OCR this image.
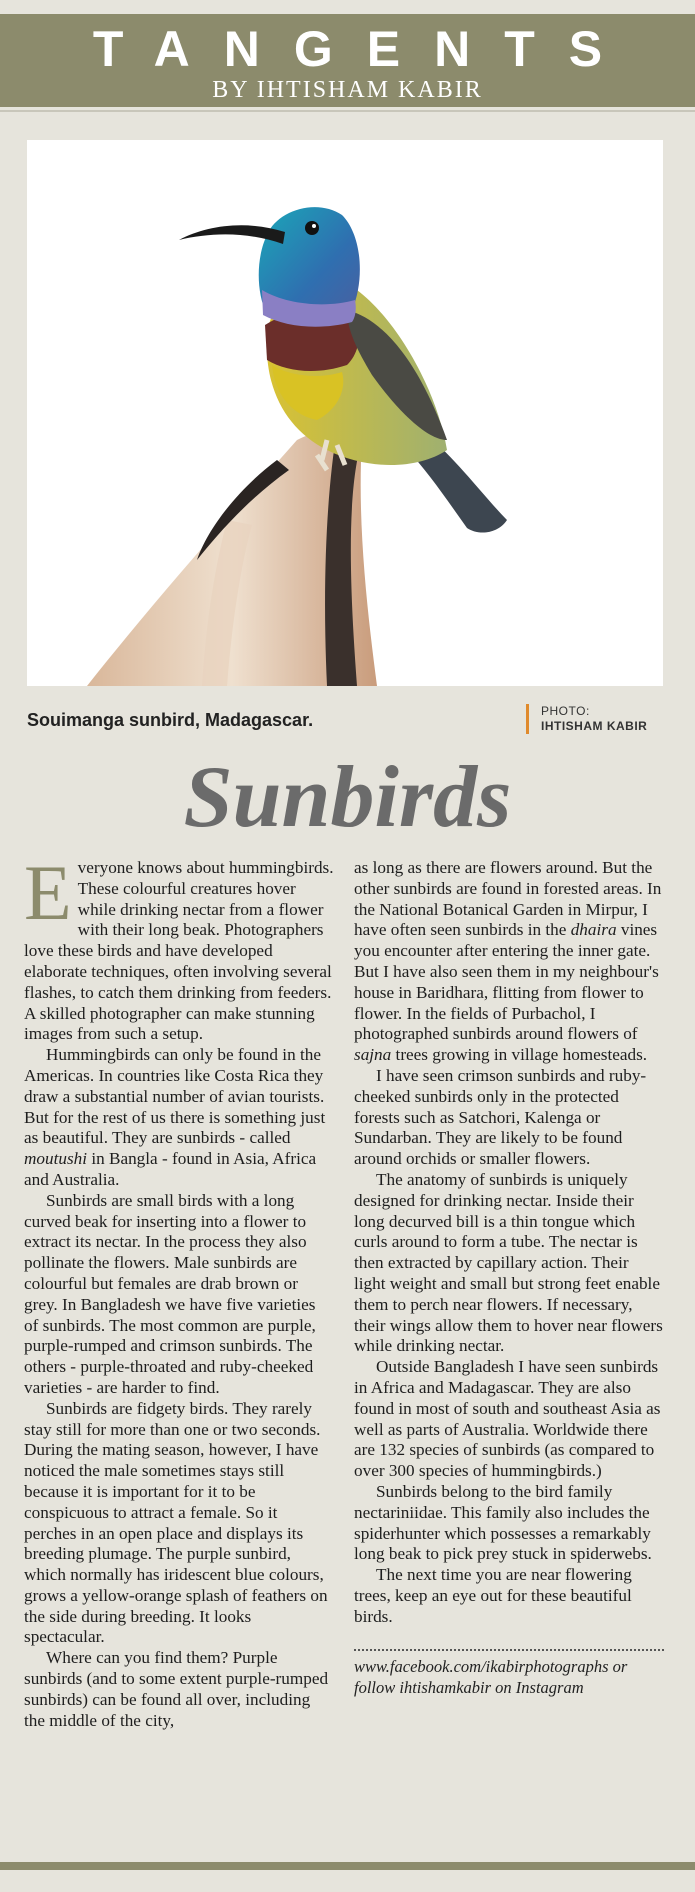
TANGENTS
BY IHTISHAM KABIR
Souimanga sunbird, Madagascar.	PHOTO:
IHTISHAM KABIR
Sunbirds

Everyone knows about hummingbirds. These colourful creatures hover while drinking nectar from a flower with their long beak. Photographers love these birds and have developed elaborate techniques, often involving several flashes, to catch them drinking from feeders. A skilled photographer can make stunning images from such a setup.

Hummingbirds can only be found in the Americas. In countries like Costa Rica they draw a substantial number of avian tourists. But for the rest of us there is something just as beautiful. They are sunbirds - called moutushi in Bangla - found in Asia, Africa and Australia.

Sunbirds are small birds with a long curved beak for inserting into a flower to extract its nectar. In the process they also pollinate the flowers. Male sunbirds are colourful but females are drab brown or grey. In Bangladesh we have five varieties of sunbirds. The most common are purple, purple-rumped and crimson sunbirds. The others - purple-throated and ruby-cheeked varieties - are harder to find.

Sunbirds are fidgety birds. They rarely stay still for more than one or two seconds. During the mating season, however, I have noticed the male sometimes stays still because it is important for it to be conspicuous to attract a female. So it perches in an open place and displays its breeding plumage. The purple sunbird, which normally has iridescent blue colours, grows a yellow-orange splash of feathers on the side during breeding. It looks spectacular.

Where can you find them? Purple sunbirds (and to some extent purple-rumped sunbirds) can be found all over, including the middle of the city,

as long as there are flowers around. But the other sunbirds are found in forested areas. In the National Botanical Garden in Mirpur, I have often seen sunbirds in the dhaira vines you encounter after entering the inner gate. But I have also seen them in my neighbour's house in Baridhara, flitting from flower to flower. In the fields of Purbachol, I photographed sunbirds around flowers of sajna trees growing in village homesteads.

I have seen crimson sunbirds and ruby-cheeked sunbirds only in the protected forests such as Satchori, Kalenga or Sundarban. They are likely to be found around orchids or smaller flowers.

The anatomy of sunbirds is uniquely designed for drinking nectar. Inside their long decurved bill is a thin tongue which curls around to form a tube. The nectar is then extracted by capillary action. Their light weight and small but strong feet enable them to perch near flowers. If necessary, their wings allow them to hover near flowers while drinking nectar.

Outside Bangladesh I have seen sunbirds in Africa and Madagascar. They are also found in most of south and southeast Asia as well as parts of Australia. Worldwide there are 132 species of sunbirds (as compared to over 300 species of hummingbirds.)

Sunbirds belong to the bird family nectariniidae. This family also includes the spiderhunter which possesses a remarkably long beak to pick prey stuck in spiderwebs.

The next time you are near flowering trees, keep an eye out for these beautiful birds.

www.facebook.com/ikabirphotographs or follow ihtishamkabir on Instagram
